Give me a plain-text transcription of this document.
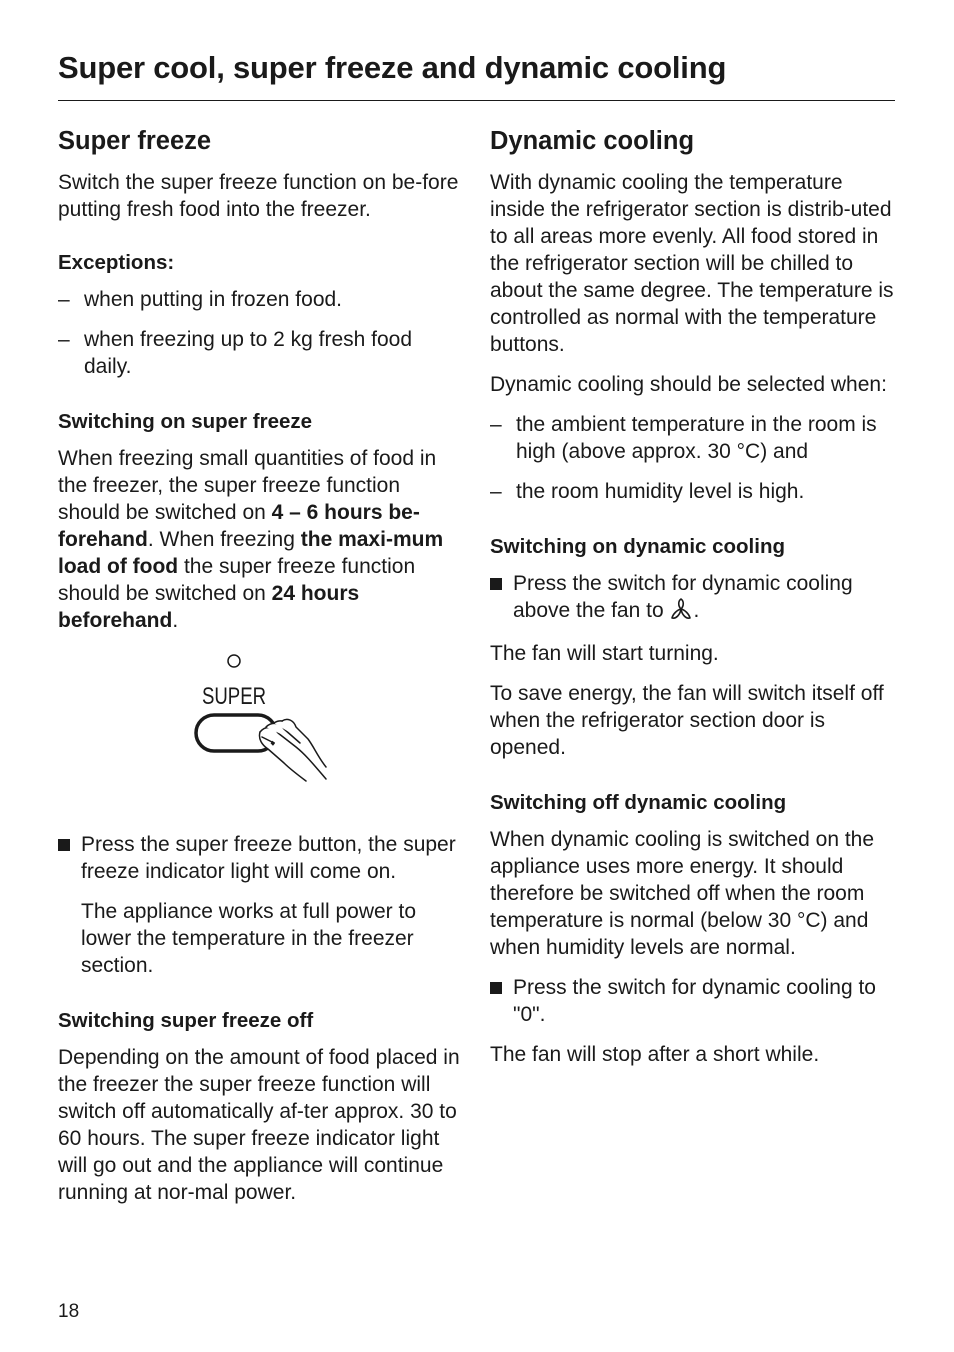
Super cool, super freeze and dynamic cooling
Super freeze

Switch the super freeze function on be-fore putting fresh food into the freezer.

Exceptions:
– when putting in frozen food.
– when freezing up to 2 kg fresh food daily.
Switching on super freeze

When freezing small quantities of food in the freezer, the super freeze function should be switched on 4 – 6 hours be-forehand. When freezing the maxi-mum load of food the super freeze function should be switched on 24 hours beforehand.

SUPER
Press the super freeze button, the super freeze indicator light will come on.
The appliance works at full power to lower the temperature in the freezer section.
Switching super freeze off

Depending on the amount of food placed in the freezer the super freeze function will switch off automatically af-ter approx. 30 to 60 hours. The super freeze indicator light will go out and the appliance will continue running at nor-mal power.

Dynamic cooling

With dynamic cooling the temperature inside the refrigerator section is distrib-uted to all areas more evenly. All food stored in the refrigerator section will be chilled to about the same degree. The temperature is controlled as normal with the temperature buttons.

Dynamic cooling should be selected when:

– the ambient temperature in the room is high (above approx. 30 °C) and
– the room humidity level is high.
Switching on dynamic cooling
Press the switch for dynamic cooling above the fan to .

The fan will start turning.

To save energy, the fan will switch itself off when the refrigerator section door is opened.

Switching off dynamic cooling

When dynamic cooling is switched on the appliance uses more energy. It should therefore be switched off when the room temperature is normal (below 30 °C) and when humidity levels are normal.

Press the switch for dynamic cooling to "0".

The fan will stop after a short while.

18
